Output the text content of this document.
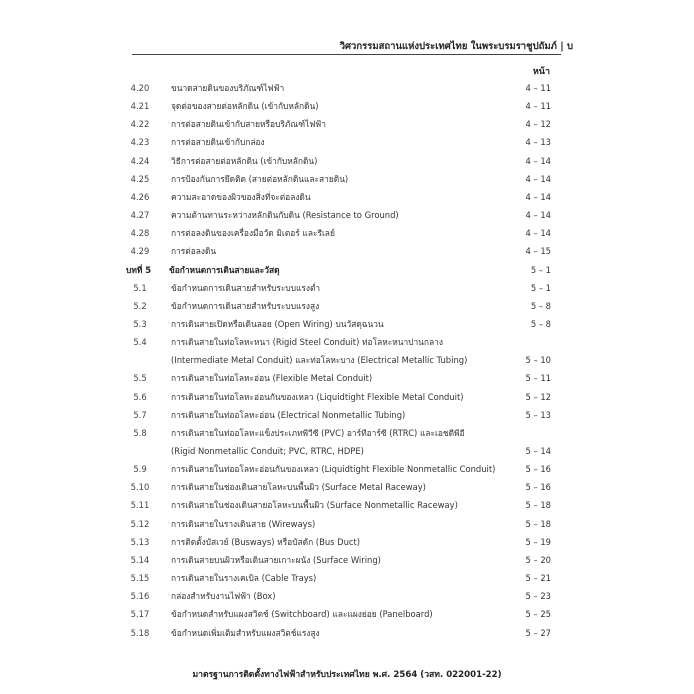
วิศวกรรมสถานแห่งประเทศไทย ในพระบรมราชูปถัมภ์ | บ
หน้า
4.20	ขนาดสายดินของบริภัณฑ์ไฟฟ้า	4 – 11
4.21	จุดต่อของสายต่อหลักดิน (เข้ากับหลักดิน)	4 – 11
4.22	การต่อสายดินเข้ากับสายหรือบริภัณฑ์ไฟฟ้า	4 – 12
4.23	การต่อสายดินเข้ากับกล่อง	4 – 13
4.24	วิธีการต่อสายต่อหลักดิน (เข้ากับหลักดิน)	4 – 14
4.25	การป้องกันการยึดติด (สายต่อหลักดินและสายดิน)	4 – 14
4.26	ความสะอาดของผิวของสิ่งที่จะต่อลงดิน	4 – 14
4.27	ความต้านทานระหว่างหลักดินกับดิน (Resistance to Ground)	4 – 14
4.28	การต่อลงดินของเครื่องมือวัด มิเตอร์ และรีเลย์	4 – 14
4.29	การต่อลงดิน	4 – 15
บทที่ 5	ข้อกำหนดการเดินสายและวัสดุ	5 – 1
5.1	ข้อกำหนดการเดินสายสำหรับระบบแรงต่ำ	5 – 1
5.2	ข้อกำหนดการเดินสายสำหรับระบบแรงสูง	5 – 8
5.3	การเดินสายเปิดหรือเดินลอย (Open Wiring) บนวัสดุฉนวน	5 – 8
5.4	การเดินสายในท่อโลหะหนา (Rigid Steel Conduit) ท่อโลหะหนาปานกลาง
(Intermediate Metal Conduit) และท่อโลหะบาง (Electrical Metallic Tubing)	5 – 10
5.5	การเดินสายในท่อโลหะอ่อน (Flexible Metal Conduit)	5 – 11
5.6	การเดินสายในท่อโลหะอ่อนกันของเหลว (Liquidtight Flexible Metal Conduit)	5 – 12
5.7	การเดินสายในท่ออโลหะอ่อน (Electrical Nonmetallic Tubing)	5 – 13
5.8	การเดินสายในท่ออโลหะแข็งประเภทพีวีซี (PVC) อาร์ทีอาร์ซี (RTRC) และเอชดีพีอี
(Rigid Nonmetallic Conduit; PVC, RTRC, HDPE)	5 – 14
5.9	การเดินสายในท่ออโลหะอ่อนกันของเหลว (Liquidtight Flexible Nonmetallic Conduit)	5 – 16
5.10	การเดินสายในช่องเดินสายโลหะบนพื้นผิว (Surface Metal Raceway)	5 – 16
5.11	การเดินสายในช่องเดินสายอโลหะบนพื้นผิว (Surface Nonmetallic Raceway)	5 – 18
5.12	การเดินสายในรางเดินสาย (Wireways)	5 – 18
5.13	การติดตั้งบัสเวย์ (Busways) หรือบัสดัก (Bus Duct)	5 – 19
5.14	การเดินสายบนผิวหรือเดินสายเกาะผนัง (Surface Wiring)	5 – 20
5.15	การเดินสายในรางเคเบิล (Cable Trays)	5 – 21
5.16	กล่องสำหรับงานไฟฟ้า (Box)	5 – 23
5.17	ข้อกำหนดสำหรับแผงสวิตช์ (Switchboard) และแผงย่อย (Panelboard)	5 – 25
5.18	ข้อกำหนดเพิ่มเติมสำหรับแผงสวิตช์แรงสูง	5 – 27
มาตรฐานการติดตั้งทางไฟฟ้าสำหรับประเทศไทย พ.ศ. 2564 (วสท. 022001-22)
